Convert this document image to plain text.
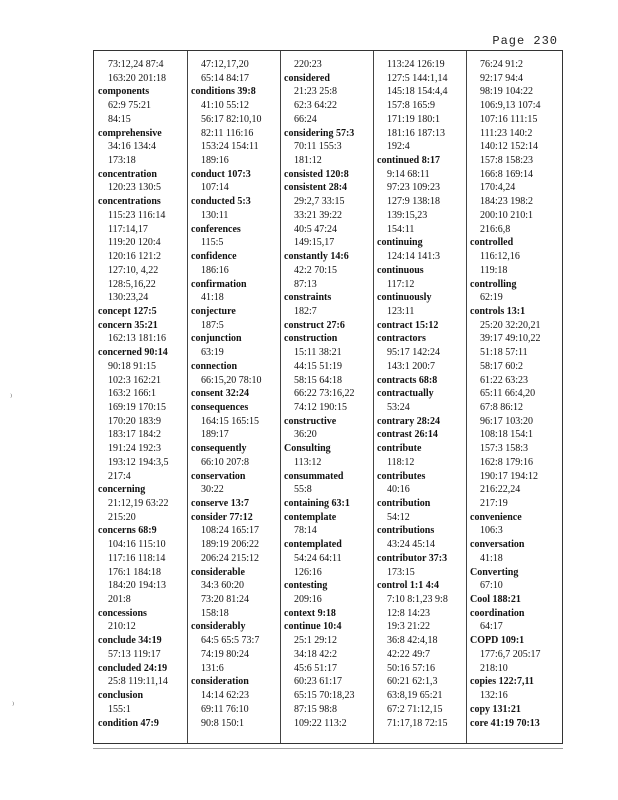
Page 230
73:12,24 87:4
163:20 201:18
components
62:9 75:21
84:15
comprehensive
34:16 134:4
173:18
concentration
120:23 130:5
concentrations
115:23 116:14
117:14,17
119:20 120:4
120:16 121:2
127:10, 4,22
128:5,16,22
130:23,24
concept 127:5
concern 35:21
162:13 181:16
concerned 90:14
90:18 91:15
102:3 162:21
163:2 166:1
169:19 170:15
170:20 183:9
183:17 184:2
191:24 192:3
193:12 194:3,5
217:4
concerning
21:12,19 63:22
215:20
concerns 68:9
104:16 115:10
117:16 118:14
176:1 184:18
184:20 194:13
201:8
concessions
210:12
conclude 34:19
57:13 119:17
concluded 24:19
25:8 119:11,14
conclusion
155:1
condition 47:9
47:12,17,20
65:14 84:17
conditions 39:8
41:10 55:12
56:17 82:10,10
82:11 116:16
153:24 154:11
189:16
conduct 107:3
107:14
conducted 5:3
130:11
conferences
115:5
confidence
186:16
confirmation
41:18
conjecture
187:5
conjunction
63:19
connection
66:15,20 78:10
consent 32:24
consequences
164:15 165:15
189:17
consequently
66:10 207:8
conservation
30:22
conserve 13:7
consider 77:12
108:24 165:17
189:19 206:22
206:24 215:12
considerable
34:3 60:20
73:20 81:24
158:18
considerably
64:5 65:5 73:7
74:19 80:24
131:6
consideration
14:14 62:23
69:11 76:10
90:8 150:1
220:23
considered
21:23 25:8
62:3 64:22
66:24
considering 57:3
70:11 155:3
181:12
consisted 120:8
consistent 28:4
29:2,7 33:15
33:21 39:22
40:5 47:24
149:15,17
constantly 14:6
42:2 70:15
87:13
constraints
182:7
construct 27:6
construction
15:11 38:21
44:15 51:19
58:15 64:18
66:22 73:16,22
74:12 190:15
constructive
36:20
Consulting
113:12
consummated
55:8
containing 63:1
contemplate
78:14
contemplated
54:24 64:11
126:16
contesting
209:16
context 9:18
continue 10:4
25:1 29:12
34:18 42:2
45:6 51:17
60:23 61:17
65:15 70:18,23
87:15 98:8
109:22 113:2
113:24 126:19
127:5 144:1,14
145:18 154:4,4
157:8 165:9
171:19 180:1
181:16 187:13
192:4
continued 8:17
9:14 68:11
97:23 109:23
127:9 138:18
139:15,23
154:11
continuing
124:14 141:3
continuous
117:12
continuously
123:11
contract 15:12
contractors
95:17 142:24
143:1 200:7
contracts 68:8
contractually
53:24
contrary 28:24
contrast 26:14
contribute
118:12
contributes
40:16
contribution
54:12
contributions
43:24 45:14
contributor 37:3
173:15
control 1:1 4:4
7:10 8:1,23 9:8
12:8 14:23
19:3 21:22
36:8 42:4,18
42:22 49:7
50:16 57:16
60:21 62:1,3
63:8,19 65:21
67:2 71:12,15
71:17,18 72:15
76:24 91:2
92:17 94:4
98:19 104:22
106:9,13 107:4
107:16 111:15
111:23 140:2
140:12 152:14
157:8 158:23
166:8 169:14
170:4,24
184:23 198:2
200:10 210:1
216:6,8
controlled
116:12,16
119:18
controlling
62:19
controls 13:1
25:20 32:20,21
39:17 49:10,22
51:18 57:11
58:17 60:2
61:22 63:23
65:11 66:4,20
67:8 86:12
96:17 103:20
108:18 154:1
157:3 158:3
162:8 179:16
190:17 194:12
216:22,24
217:19
convenience
106:3
conversation
41:18
Converting
67:10
Cool 188:21
coordination
64:17
COPD 109:1
177:6,7 205:17
218:10
copies 122:7,11
132:16
copy 131:21
core 41:19 70:13
⁾
⁾
